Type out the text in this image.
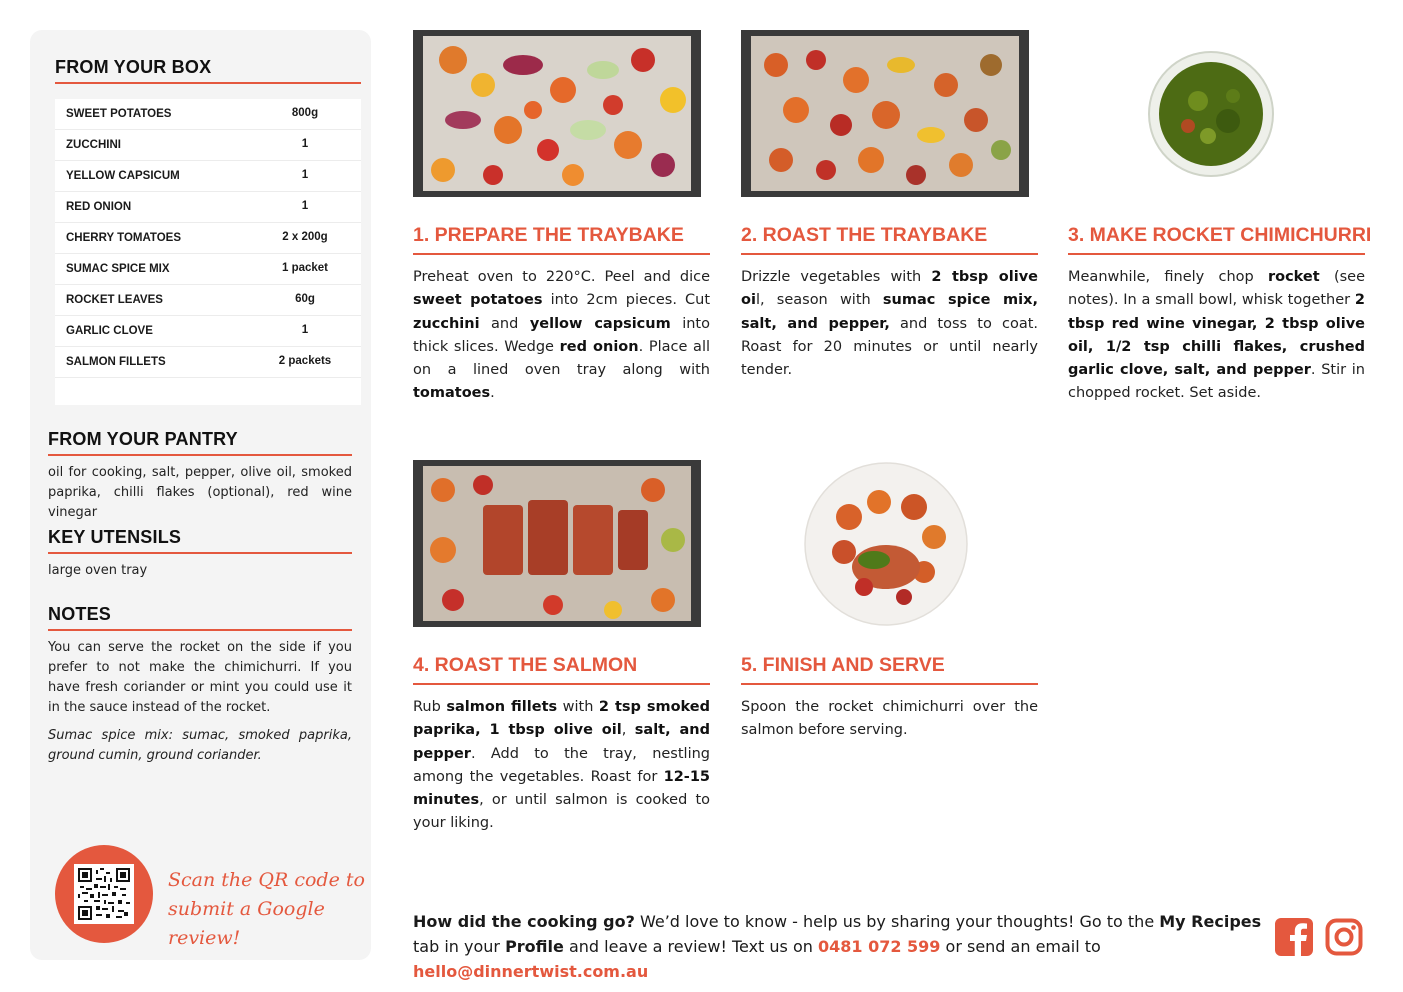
FROM YOUR BOX
SWEET POTATOES	800g
ZUCCHINI	1
YELLOW CAPSICUM	1
RED ONION	1
CHERRY TOMATOES	2 x 200g
SUMAC SPICE MIX	1 packet
ROCKET LEAVES	60g
GARLIC CLOVE	1
SALMON FILLETS	2 packets
FROM YOUR PANTRY
oil for cooking, salt, pepper, olive oil, smoked paprika, chilli flakes (optional), red wine vinegar
KEY UTENSILS
large oven tray
NOTES
You can serve the rocket on the side if you prefer to not make the chimichurri. If you have fresh coriander or mint you could use it in the sauce instead of the rocket.
Sumac spice mix: sumac, smoked paprika, ground cumin, ground coriander.
Scan the QR code to
submit a Google review!
1. PREPARE THE TRAYBAKE
Preheat oven to 220°C. Peel and dice sweet potatoes into 2cm pieces. Cut zucchini and yellow capsicum into thick slices. Wedge red onion. Place all on a lined oven tray along with tomatoes.
2. ROAST THE TRAYBAKE
Drizzle vegetables with 2 tbsp olive oil, season with sumac spice mix, salt, and pepper, and toss to coat. Roast for 20 minutes or until nearly tender.
3. MAKE ROCKET CHIMICHURRI
Meanwhile, finely chop rocket (see notes). In a small bowl, whisk together 2 tbsp red wine vinegar, 2 tbsp olive oil, 1/2 tsp chilli flakes, crushed garlic clove, salt, and pepper. Stir in chopped rocket. Set aside.
4. ROAST THE SALMON
Rub salmon fillets with 2 tsp smoked paprika, 1 tbsp olive oil, salt, and pepper. Add to the tray, nestling among the vegetables. Roast for 12-15 minutes, or until salmon is cooked to your liking.
5. FINISH AND SERVE
Spoon the rocket chimichurri over the salmon before serving.
How did the cooking go? We’d love to know - help us by sharing your thoughts! Go to the My Recipes tab in your Profile and leave a review! Text us on 0481 072 599 or send an email to hello@dinnertwist.com.au
